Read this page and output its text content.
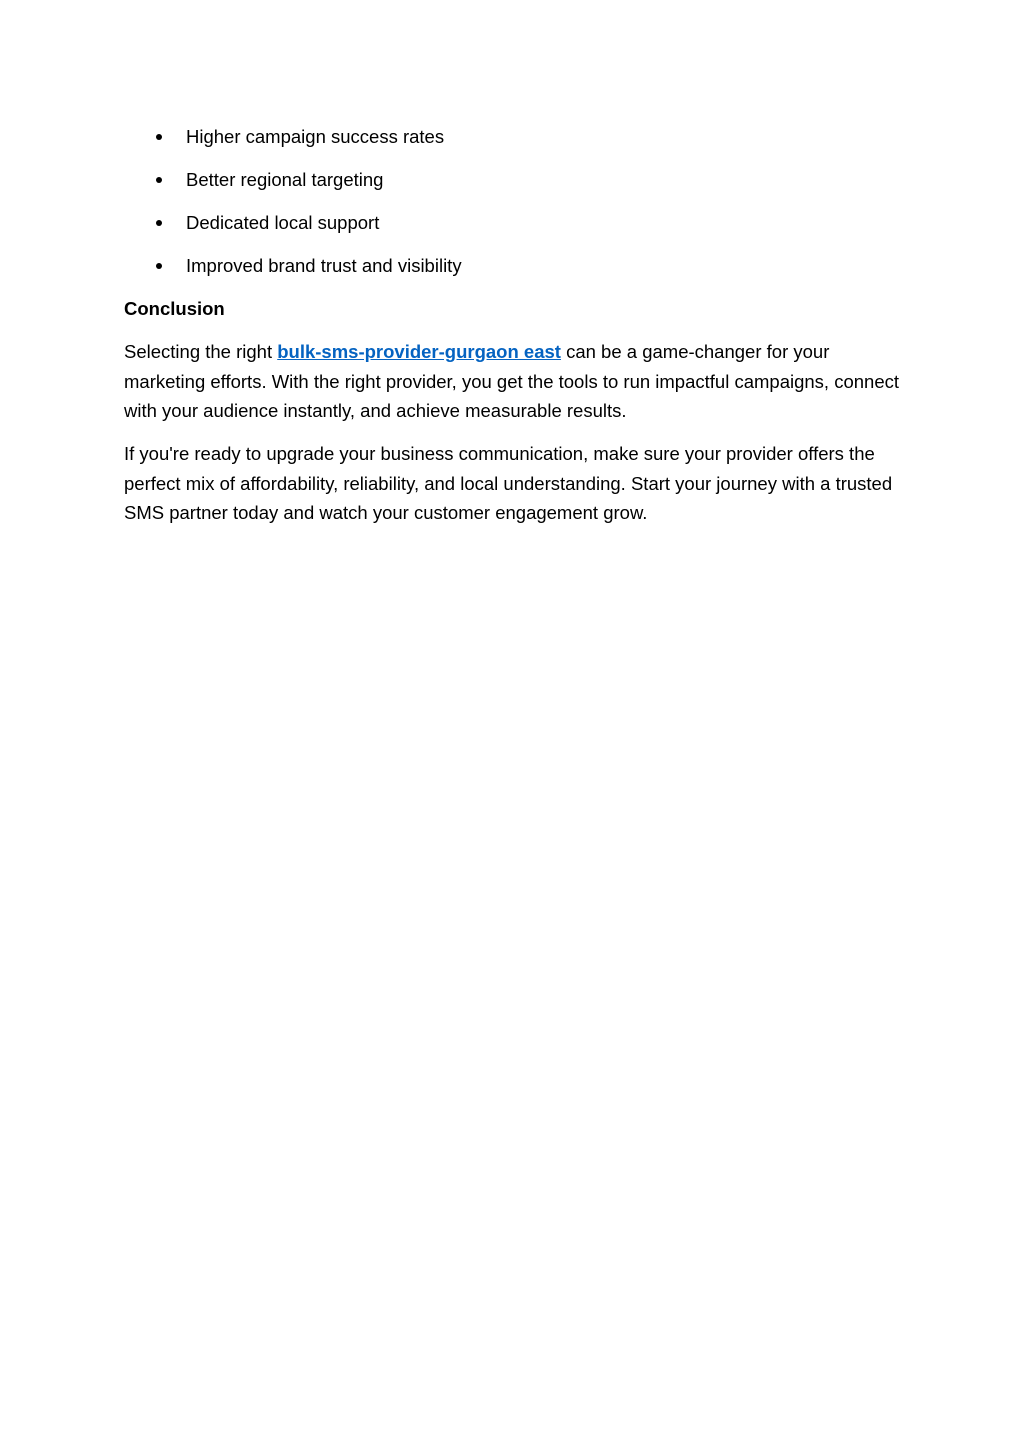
Higher campaign success rates
Better regional targeting
Dedicated local support
Improved brand trust and visibility
Conclusion

Selecting the right bulk-sms-provider-gurgaon east can be a game-changer for your marketing efforts. With the right provider, you get the tools to run impactful campaigns, connect with your audience instantly, and achieve measurable results.

If you're ready to upgrade your business communication, make sure your provider offers the perfect mix of affordability, reliability, and local understanding. Start your journey with a trusted SMS partner today and watch your customer engagement grow.
